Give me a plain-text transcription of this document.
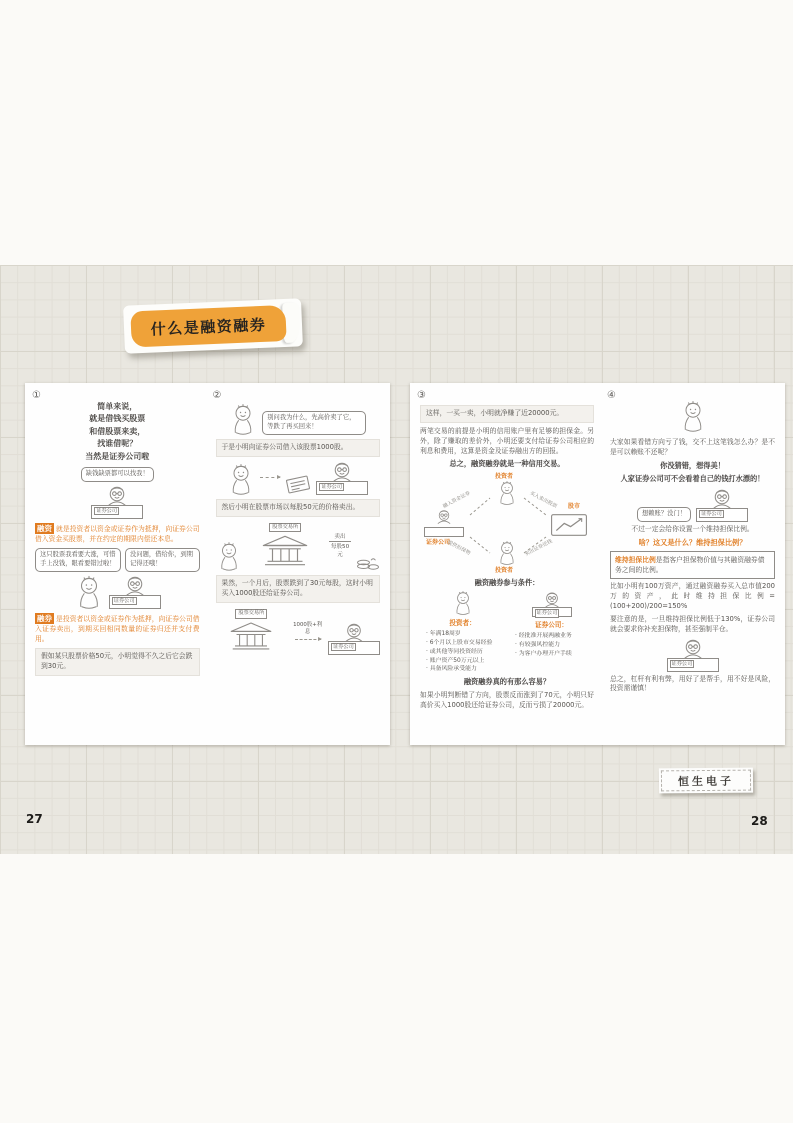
什么是融资融券
①
简单来说，
就是借钱买股票
和借股票来卖，
找谁借呢？
当然是证券公司啦
缺钱缺票都可以找我！
证券公司

融资 就是投资者以资金或证券作为抵押，向证券公司借入资金买股票，并在约定的期限内偿还本息。

这只股票我看要大涨，可惜手上没钱，眼看要错过啦！
没问题，借给你，到期记得还哦！
证券公司

融券 是投资者以资金或证券作为抵押，向证券公司借入证券卖出，到期买回相同数量的证券归还并支付费用。

假如某只股票价格50元，小明觉得不久之后它会跌到30元。
②
别问我为什么，先高价卖了它，等跌了再买回来！
于是小明向证券公司借入该股票1000股。
证券公司
然后小明在股票市场以每股50元的价格卖出。
股票交易所
卖出
每股50元
果然，一个月后，股票跌到了30元每股，这时小明买入1000股还给证券公司。
股票交易所
1000股+利息
证券公司
③
这样，一买一卖，小明就净赚了近20000元。

两笔交易的前提是小明的信用账户里有足够的担保金。另外，除了赚取的差价外，小明还要支付给证券公司相应的利息和费用，这算是资金及证券融出方的回报。

总之，融资融券就是一种信用交易。
投资者
证券公司
股市
投资者
融入资金证券	买入卖出股票
提供担保物	卖出证券还钱
融资融券参与条件：
投资者：
· 年满18周岁
· 6个月以上股市交易经验
· 或其他等同投资经历
· 账户资产50万元以上
· 具备风险承受能力
证券公司
证券公司：
· 经批准开展两融业务
· 有较强风控能力
· 为客户办理开户手续
融资融券真的有那么容易？

如果小明判断错了方向，股票反而涨到了70元，小明只好高价买入1000股还给证券公司，反而亏损了20000元。

④

大家如果看错方向亏了钱，交不上这笔钱怎么办？是不是可以赖账不还呢？

你没猜错，想得美！
人家证券公司可不会看着自己的钱打水漂的！
想赖账？没门！	证券公司

不过一定会给你设置一个维持担保比例。

啥？这又是什么？维持担保比例？
维持担保比例是指客户担保物价值与其融资融券债务之间的比例。

比如小明有100万资产，通过融资融券买入总市值200万的资产，此时维持担保比例=(100+200)/200=150%

要注意的是，一旦维持担保比例低于130%，证券公司就会要求你补充担保物，甚至强制平仓。

证券公司

总之，杠杆有利有弊，用好了是帮手，用不好是风险，投资需谨慎！

恒生电子
27	28
